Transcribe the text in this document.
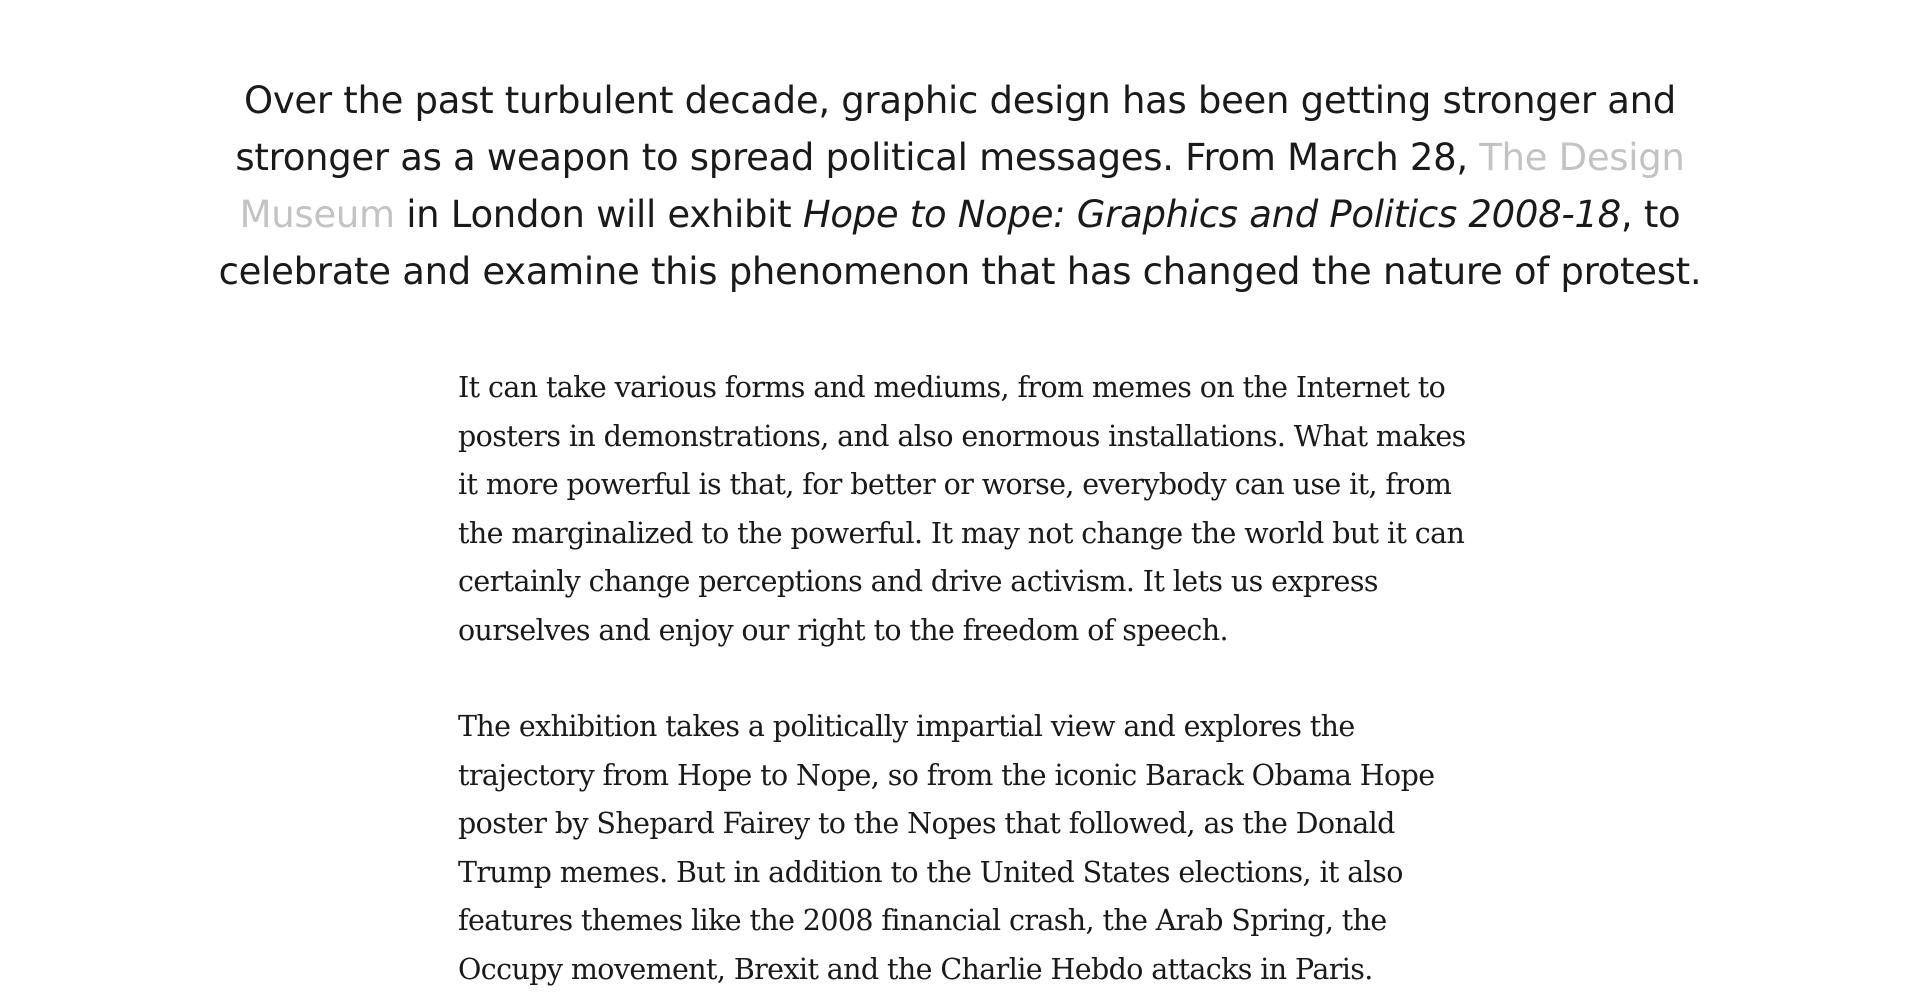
Over the past turbulent decade, graphic design has been getting stronger and stronger as a weapon to spread political messages. From March 28, The Design Museum in London will exhibit Hope to Nope: Graphics and Politics 2008-18, to celebrate and examine this phenomenon that has changed the nature of protest.

It can take various forms and mediums, from memes on the Internet to posters in demonstrations, and also enormous installations. What makes it more powerful is that, for better or worse, everybody can use it, from the marginalized to the powerful. It may not change the world but it can certainly change perceptions and drive activism. It lets us express ourselves and enjoy our right to the freedom of speech.

The exhibition takes a politically impartial view and explores the trajectory from Hope to Nope, so from the iconic Barack Obama Hope poster by Shepard Fairey to the Nopes that followed, as the Donald Trump memes. But in addition to the United States elections, it also features themes like the 2008 financial crash, the Arab Spring, the Occupy movement, Brexit and the Charlie Hebdo attacks in Paris.
